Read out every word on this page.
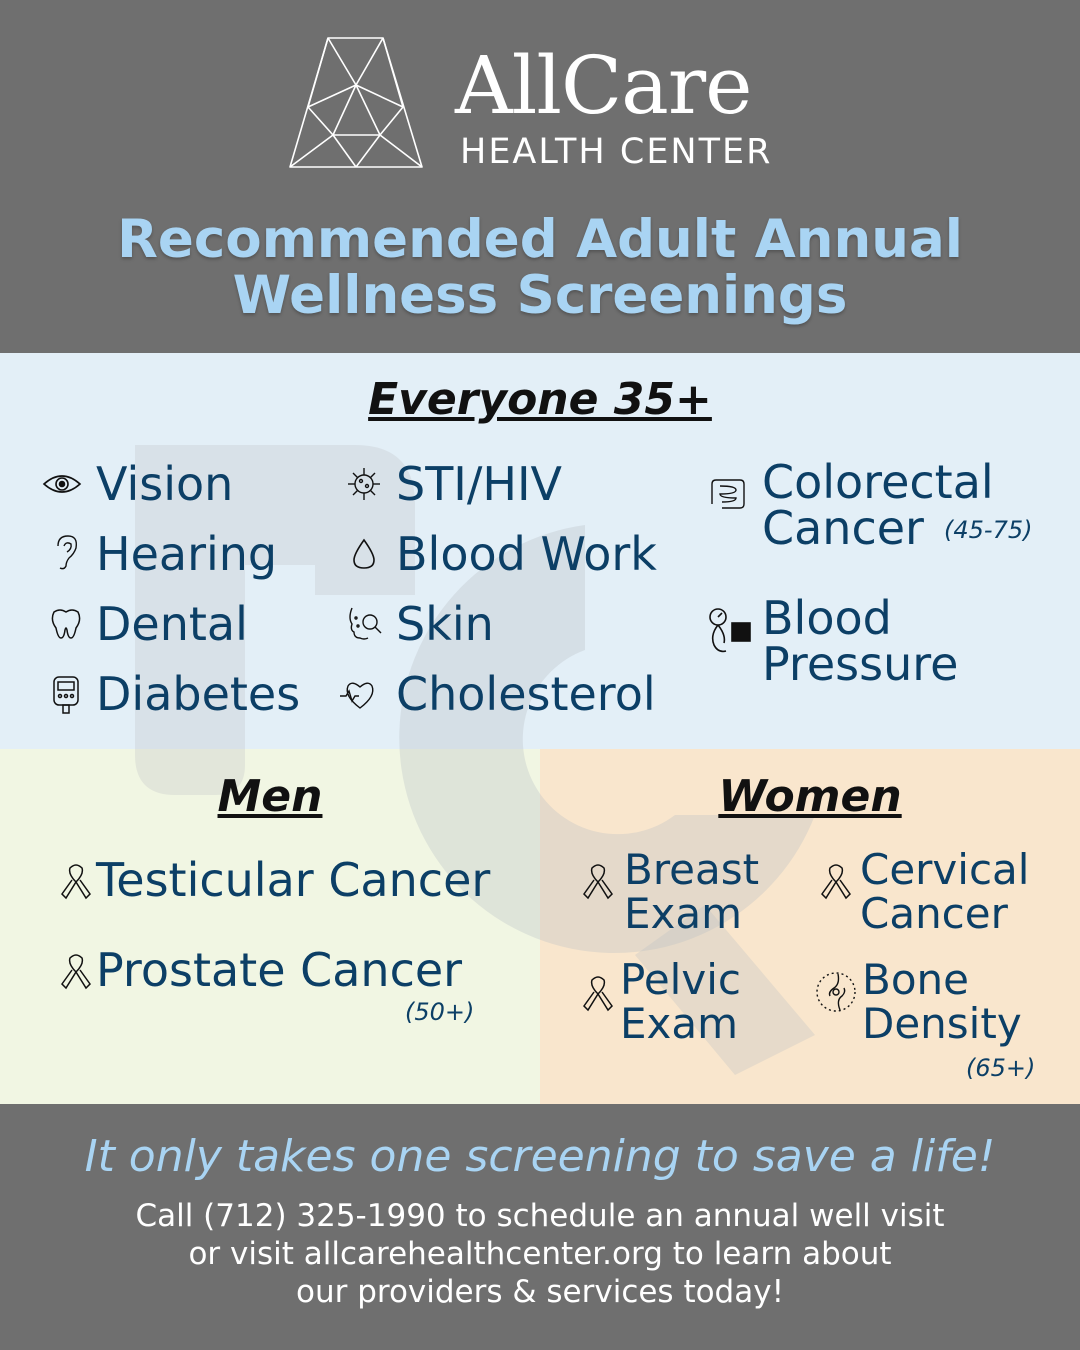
AllCare
HEALTH CENTER
Recommended Adult Annual
Wellness Screenings
Everyone 35+
Vision
Hearing
Dental
Diabetes
STI/HIV
Blood Work
Skin
Cholesterol
Colorectal
Cancer (45-75)
Blood
Pressure
Men
Testicular Cancer
Prostate Cancer
(50+)
Women
Breast
Exam
Cervical
Cancer
Pelvic
Exam
Bone
Density
(65+)
It only takes one screening to save a life!
Call (712) 325-1990 to schedule an annual well visit
or visit allcarehealthcenter.org to learn about
our providers & services today!
